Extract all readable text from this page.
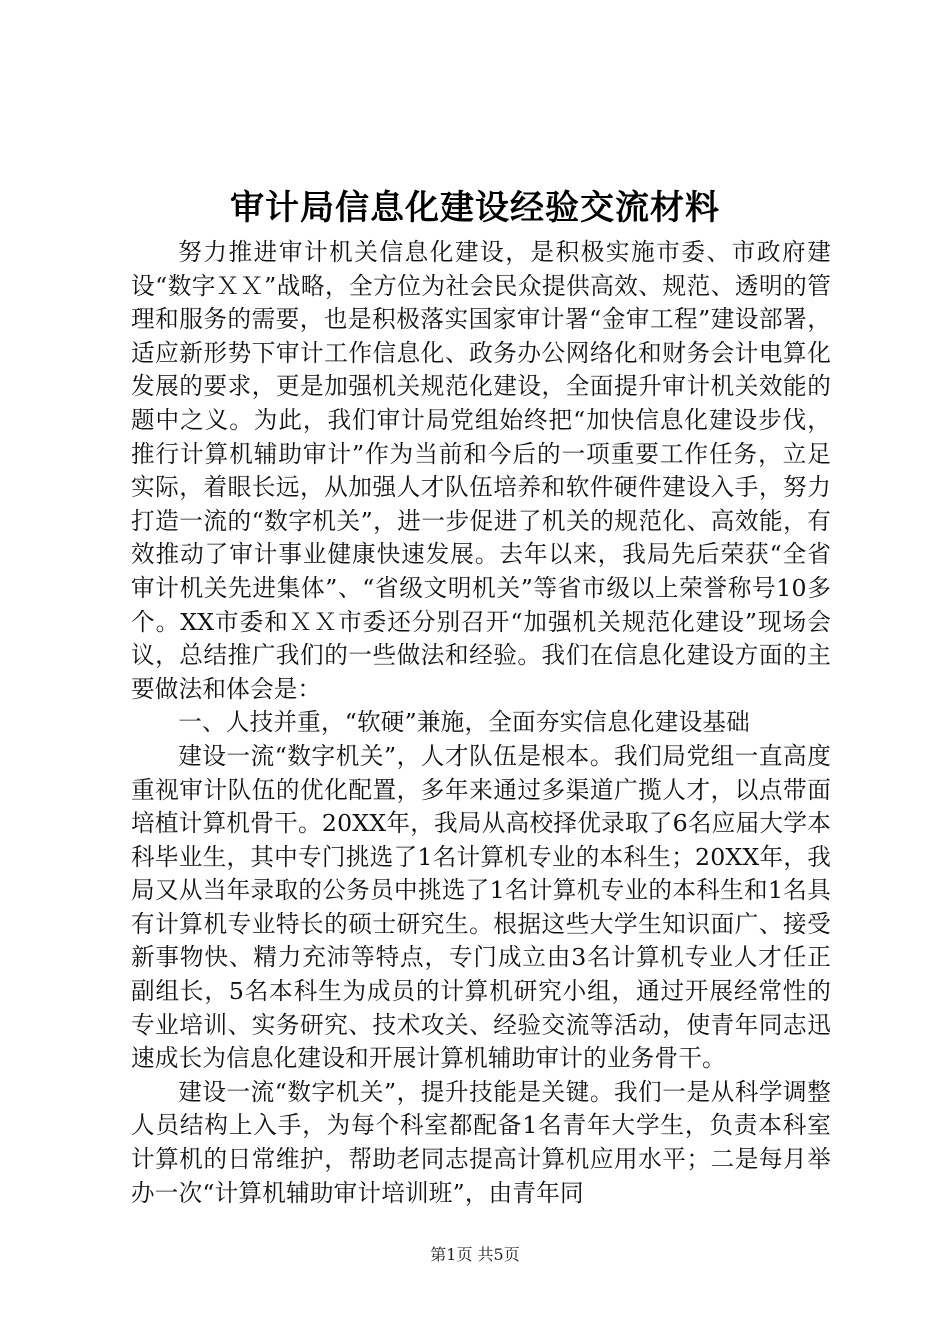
审计局信息化建设经验交流材料

努力推进审计机关信息化建设，是积极实施市委、市政府建设“数字ＸＸ”战略，全方位为社会民众提供高效、规范、透明的管理和服务的需要，也是积极落实国家审计署“金审工程”建设部署，适应新形势下审计工作信息化、政务办公网络化和财务会计电算化发展的要求，更是加强机关规范化建设，全面提升审计机关效能的题中之义。为此，我们审计局党组始终把“加快信息化建设步伐，推行计算机辅助审计”作为当前和今后的一项重要工作任务，立足实际，着眼长远，从加强人才队伍培养和软件硬件建设入手，努力打造一流的“数字机关”，进一步促进了机关的规范化、高效能，有效推动了审计事业健康快速发展。去年以来，我局先后荣获“全省审计机关先进集体”、“省级文明机关”等省市级以上荣誉称号10多个。XX市委和ＸＸ市委还分别召开“加强机关规范化建设”现场会议，总结推广我们的一些做法和经验。我们在信息化建设方面的主要做法和体会是：

一、人技并重，“软硬”兼施，全面夯实信息化建设基础

建设一流“数字机关”，人才队伍是根本。我们局党组一直高度重视审计队伍的优化配置，多年来通过多渠道广揽人才，以点带面培植计算机骨干。20XX年，我局从高校择优录取了6名应届大学本科毕业生，其中专门挑选了1名计算机专业的本科生；20XX年，我局又从当年录取的公务员中挑选了1名计算机专业的本科生和1名具有计算机专业特长的硕士研究生。根据这些大学生知识面广、接受新事物快、精力充沛等特点，专门成立由3名计算机专业人才任正副组长，5名本科生为成员的计算机研究小组，通过开展经常性的专业培训、实务研究、技术攻关、经验交流等活动，使青年同志迅速成长为信息化建设和开展计算机辅助审计的业务骨干。

建设一流“数字机关”，提升技能是关键。我们一是从科学调整人员结构上入手，为每个科室都配备1名青年大学生，负责本科室计算机的日常维护，帮助老同志提高计算机应用水平；二是每月举办一次“计算机辅助审计培训班”，由青年同

第1页 共5页
